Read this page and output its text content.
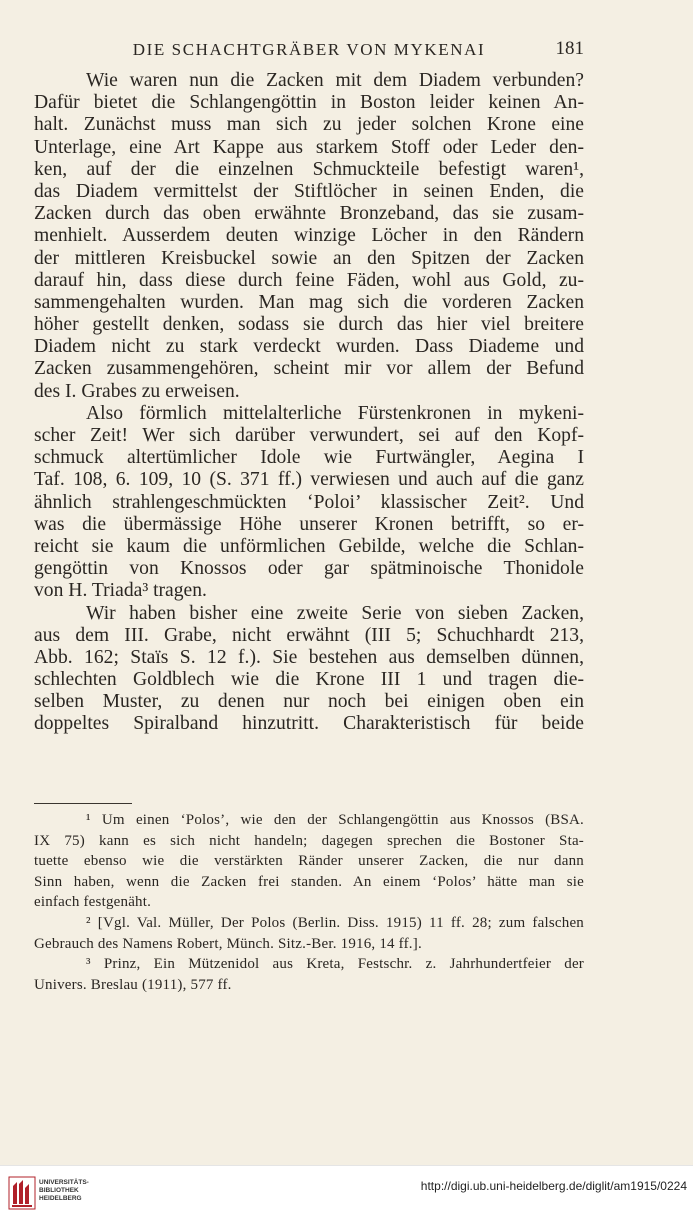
DIE SCHACHTGRÄBER VON MYKENAI	181
Wie waren nun die Zacken mit dem Diadem verbunden?
Dafür bietet die Schlangengöttin in Boston leider keinen An-
halt. Zunächst muss man sich zu jeder solchen Krone eine
Unterlage, eine Art Kappe aus starkem Stoff oder Leder den-
ken, auf der die einzelnen Schmuckteile befestigt waren¹,
das Diadem vermittelst der Stiftlöcher in seinen Enden, die
Zacken durch das oben erwähnte Bronzeband, das sie zusam-
menhielt. Ausserdem deuten winzige Löcher in den Rändern
der mittleren Kreisbuckel sowie an den Spitzen der Zacken
darauf hin, dass diese durch feine Fäden, wohl aus Gold, zu-
sammengehalten wurden. Man mag sich die vorderen Zacken
höher gestellt denken, sodass sie durch das hier viel breitere
Diadem nicht zu stark verdeckt wurden. Dass Diademe und
Zacken zusammengehören, scheint mir vor allem der Befund
des I. Grabes zu erweisen.
Also förmlich mittelalterliche Fürstenkronen in mykeni-
scher Zeit! Wer sich darüber verwundert, sei auf den Kopf-
schmuck altertümlicher Idole wie Furtwängler, Aegina I
Taf. 108, 6. 109, 10 (S. 371 ff.) verwiesen und auch auf die ganz
ähnlich strahlengeschmückten ‘Poloi’ klassischer Zeit². Und
was die übermässige Höhe unserer Kronen betrifft, so er-
reicht sie kaum die unförmlichen Gebilde, welche die Schlan-
gengöttin von Knossos oder gar spätminoische Thonidole
von H. Triada³ tragen.
Wir haben bisher eine zweite Serie von sieben Zacken,
aus dem III. Grabe, nicht erwähnt (III 5; Schuchhardt 213,
Abb. 162; Staïs S. 12 f.). Sie bestehen aus demselben dünnen,
schlechten Goldblech wie die Krone III 1 und tragen die-
selben Muster, zu denen nur noch bei einigen oben ein
doppeltes Spiralband hinzutritt. Charakteristisch für beide
¹ Um einen ‘Polos’, wie den der Schlangengöttin aus Knossos (BSA.
IX 75) kann es sich nicht handeln; dagegen sprechen die Bostoner Sta-
tuette ebenso wie die verstärkten Ränder unserer Zacken, die nur dann
Sinn haben, wenn die Zacken frei standen. An einem ‘Polos’ hätte man sie
einfach festgenäht.
² [Vgl. Val. Müller, Der Polos (Berlin. Diss. 1915) 11 ff. 28; zum falschen
Gebrauch des Namens Robert, Münch. Sitz.-Ber. 1916, 14 ff.].
³ Prinz, Ein Mützenidol aus Kreta, Festschr. z. Jahrhundertfeier der
Univers. Breslau (1911), 577 ff.
UNIVERSITÄTS-
BIBLIOTHEK
HEIDELBERG
http://digi.ub.uni-heidelberg.de/diglit/am1915/0224
